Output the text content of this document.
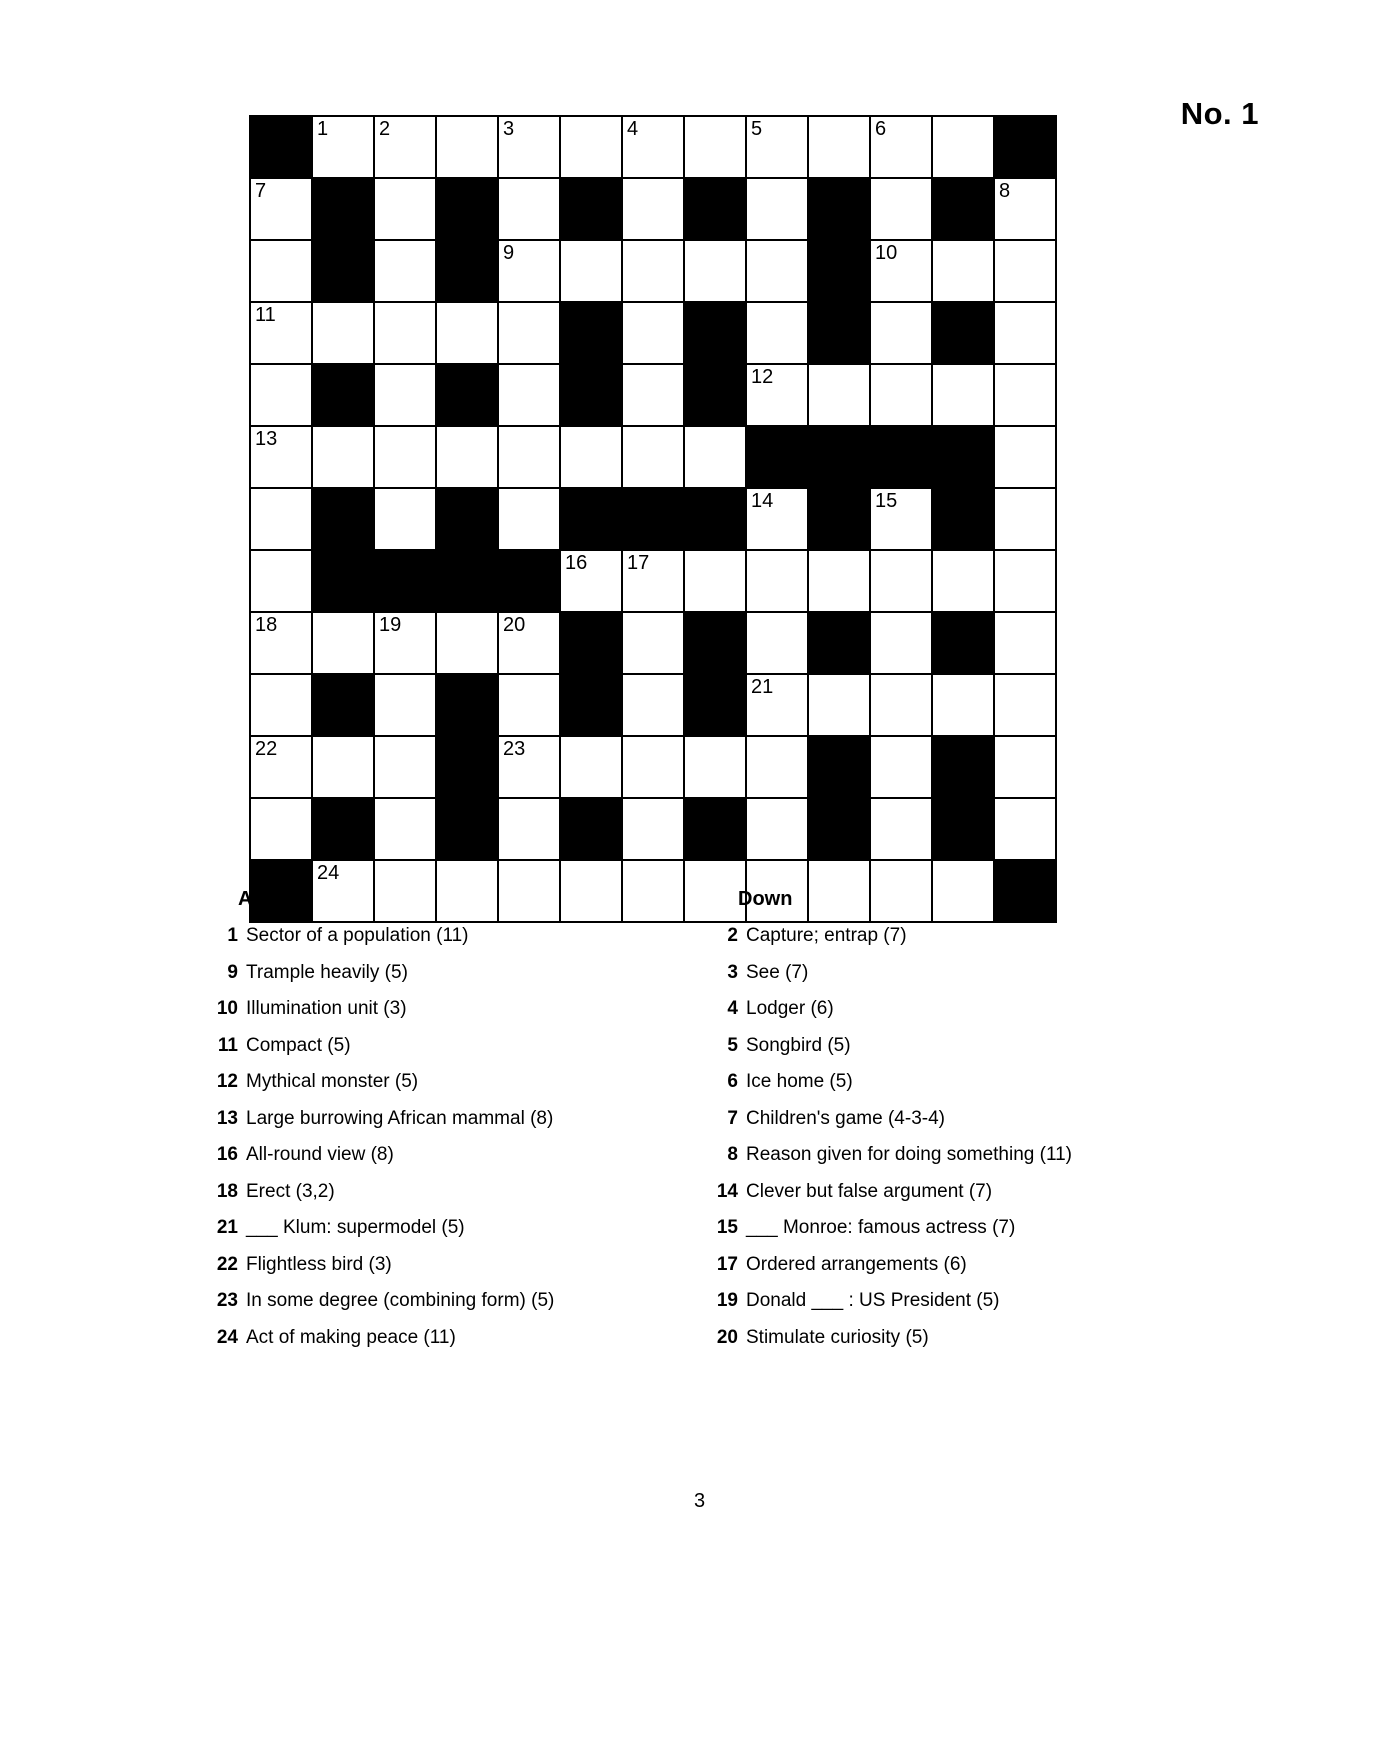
No. 1

	1	2		3		4		5		6		

7												8

				9						10		

11												

								12				

13												

								14		15		

					16	17						

18		19		20								

								21				

22				23								

	24											

Across
1 Sector of a population (11)
9 Trample heavily (5)
10 Illumination unit (3)
11 Compact (5)
12 Mythical monster (5)
13 Large burrowing African mammal (8)
16 All-round view (8)
18 Erect (3,2)
21 ___ Klum: supermodel (5)
22 Flightless bird (3)
23 In some degree (combining form) (5)
24 Act of making peace (11)
Down
2 Capture; entrap (7)
3 See (7)
4 Lodger (6)
5 Songbird (5)
6 Ice home (5)
7 Children's game (4-3-4)
8 Reason given for doing something (11)
14 Clever but false argument (7)
15 ___ Monroe: famous actress (7)
17 Ordered arrangements (6)
19 Donald ___ : US President (5)
20 Stimulate curiosity (5)
3
